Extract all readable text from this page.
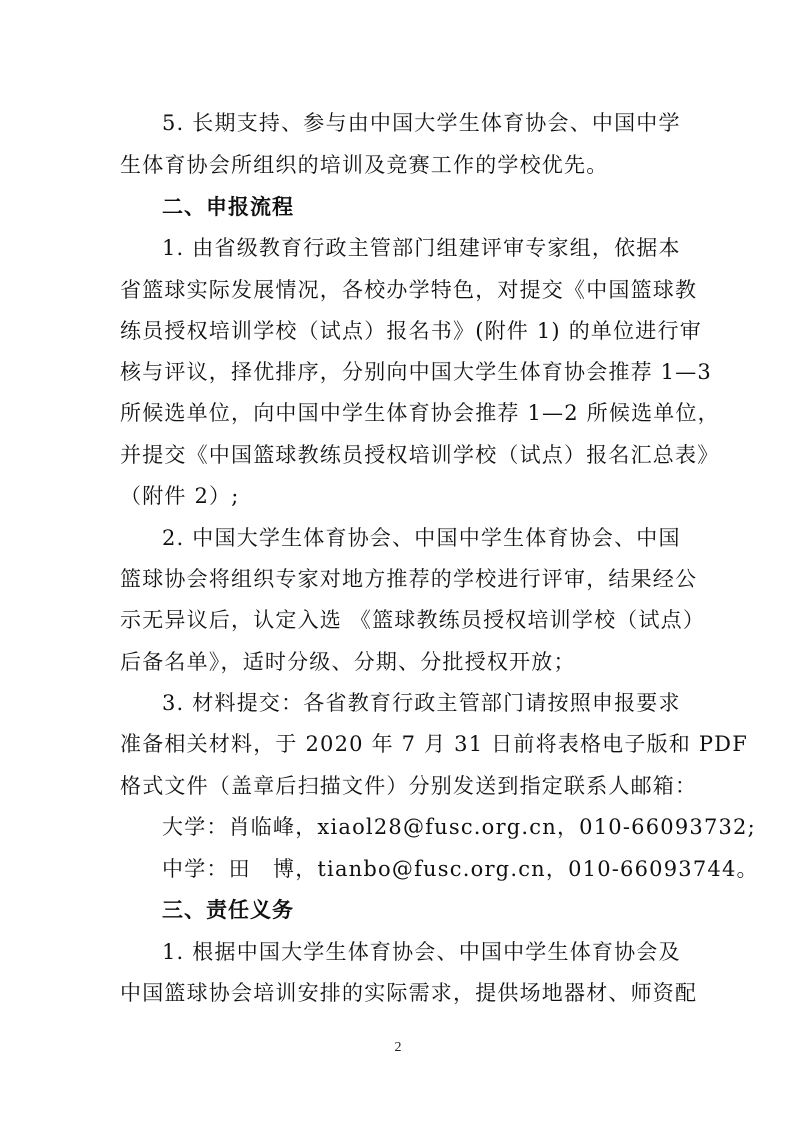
5. 长期支持、参与由中国大学生体育协会、中国中学
生体育协会所组织的培训及竞赛工作的学校优先。
二、申报流程
1. 由省级教育行政主管部门组建评审专家组，依据本
省篮球实际发展情况，各校办学特色，对提交《中国篮球教
练员授权培训学校（试点）报名书》(附件 1) 的单位进行审
核与评议，择优排序，分别向中国大学生体育协会推荐 1—3
所候选单位，向中国中学生体育协会推荐 1—2 所候选单位，
并提交《中国篮球教练员授权培训学校（试点）报名汇总表》
（附件 2）;
2. 中国大学生体育协会、中国中学生体育协会、中国
篮球协会将组织专家对地方推荐的学校进行评审，结果经公
示无异议后，认定入选 《篮球教练员授权培训学校（试点）
后备名单》，适时分级、分期、分批授权开放；
3. 材料提交：各省教育行政主管部门请按照申报要求
准备相关材料，于 2020 年 7 月 31 日前将表格电子版和 PDF
格式文件（盖章后扫描文件）分别发送到指定联系人邮箱：
大学：肖临峰，xiaol28@fusc.org.cn，010-66093732;
中学：田　博，tianbo@fusc.org.cn，010-66093744。
三、责任义务
1. 根据中国大学生体育协会、中国中学生体育协会及
中国篮球协会培训安排的实际需求，提供场地器材、师资配
2
